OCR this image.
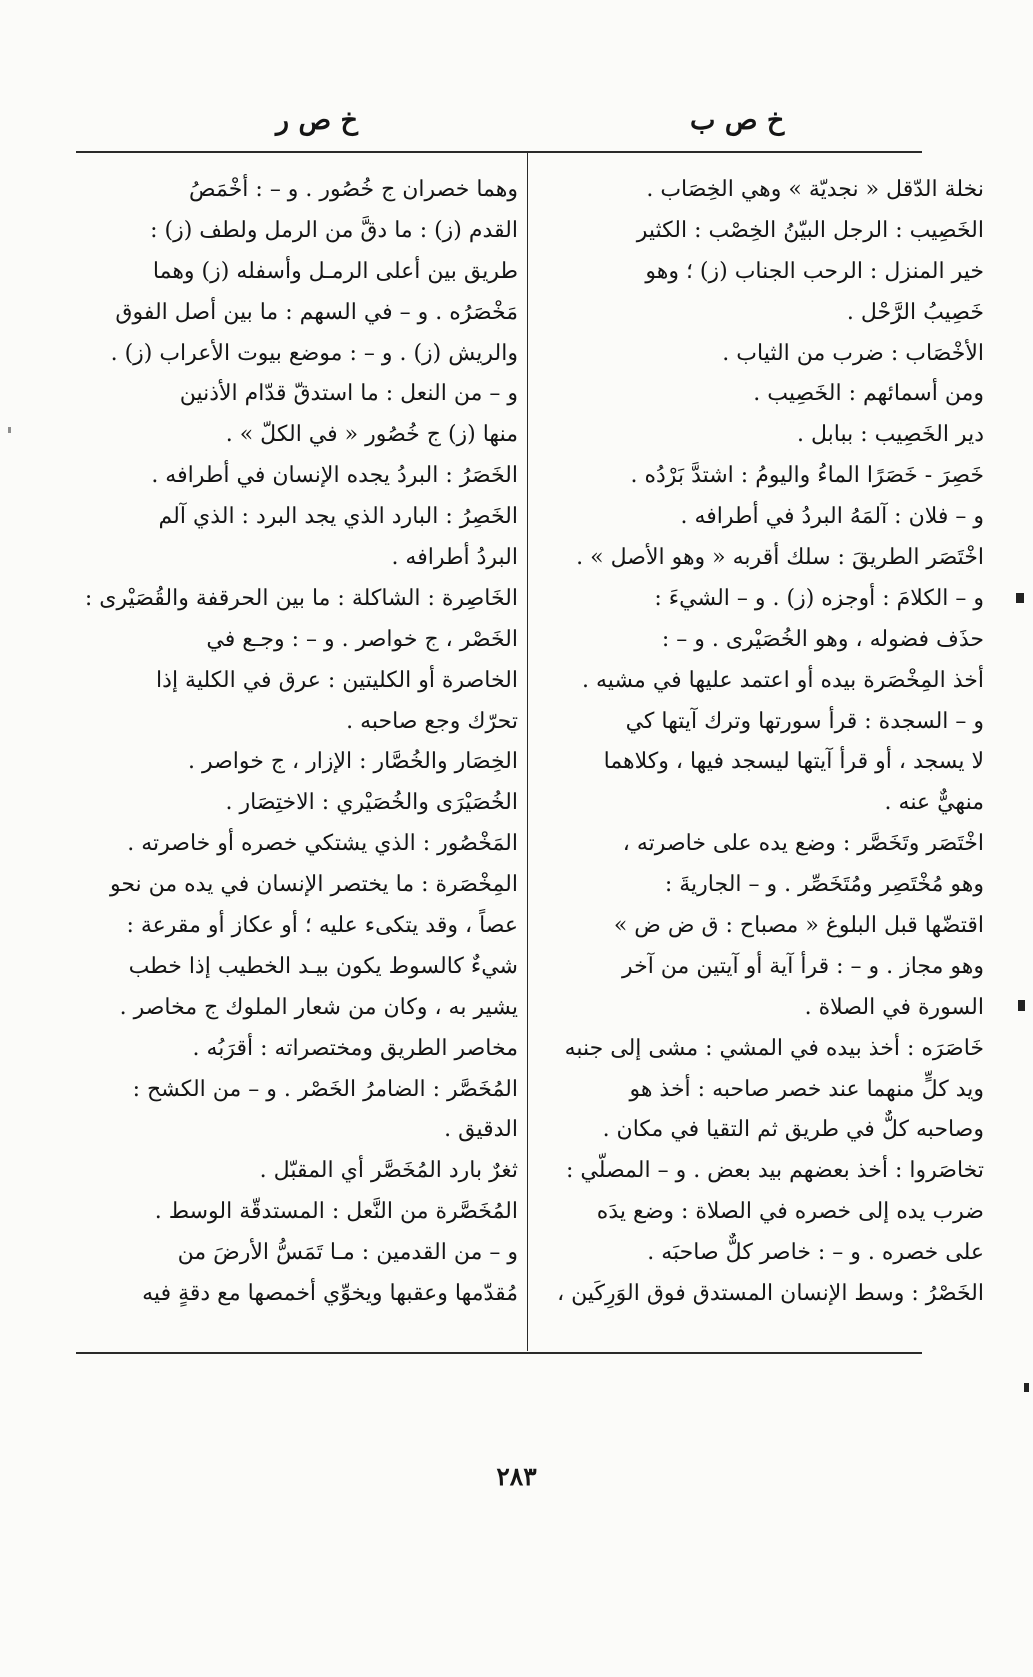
خ ص ب
خ ص ر
نخلة الدّقل « نجديّة » وهي الخِصَاب .
الخَصِيب : الرجل البيّنُ الخِصْب : الكثير
خير المنزل : الرحب الجناب (ز) ؛ وهو
خَصِيبُ الرَّحْل .
الأخْصَاب : ضرب من الثياب .
ومن أسمائهم : الخَصِيب .
دير الخَصِيب : ببابل .
خَصِرَ - خَصَرًا الماءُ واليومُ : اشتدَّ بَرْدُه .
و – فلان : آلمَهُ البردُ في أطرافه .
اخْتَصَر الطريقَ : سلك أقربه « وهو الأصل » .
و – الكلامَ : أوجزه (ز) . و – الشيءَ :
حذَف فضوله ، وهو الخُصَيْرى . و – :
أخذ المِخْصَرة بيده أو اعتمد عليها في مشيه .
و – السجدة : قرأ سورتها وترك آيتها كي
لا يسجد ، أو قرأ آيتها ليسجد فيها ، وكلاهما
منهيٌّ عنه .
اخْتَصَر وتَخَصَّر : وضع يده على خاصرته ،
وهو مُخْتَصِر ومُتَخَصِّر . و – الجاريةَ :
اقتضّها قبل البلوغ « مصباح : ق ض ض »
وهو مجاز . و – : قرأ آية أو آيتين من آخر
السورة في الصلاة .
خَاصَرَه : أخذ بيده في المشي : مشى إلى جنبه
ويد كلٍّ منهما عند خصر صاحبه : أخذ هو
وصاحبه كلٌّ في طريق ثم التقيا في مكان .
تخاصَروا : أخذ بعضهم بيد بعض . و – المصلّي :
ضرب يده إلى خصره في الصلاة : وضع يدَه
على خصره . و – : خاصر كلٌّ صاحبَه .
الخَصْرُ : وسط الإنسان المستدق فوق الوَرِكَين ،
وهما خصران ج خُصُور . و – : أخْمَصُ
القدم (ز) : ما دقَّ من الرمل ولطف (ز) :
طريق بين أعلى الرمـل وأسفله (ز) وهما
مَخْصَرُه . و – في السهم : ما بين أصل الفوق
والريش (ز) . و – : موضع بيوت الأعراب (ز) .
و – من النعل : ما استدقّ قدّام الأذنين
منها (ز) ج خُصُور « في الكلّ » .
الخَصَرُ : البردُ يجده الإنسان في أطرافه .
الخَصِرُ : البارد الذي يجد البرد : الذي آلم
البردُ أطرافه .
الخَاصِرة : الشاكلة : ما بين الحرقفة والقُصَيْرى :
الخَصْر ، ج خواصر . و – : وجـع في
الخاصرة أو الكليتين : عرق في الكلية إذا
تحرّك وجع صاحبه .
الخِصَار والخُصَّار : الإزار ، ج خواصر .
الخُصَيْرَى والخُصَيْري : الاختِصَار .
المَخْصُور : الذي يشتكي خصره أو خاصرته .
المِخْصَرة : ما يختصر الإنسان في يده من نحو
عصاً ، وقد يتكىء عليه ؛ أو عكاز أو مقرعة :
شيءٌ كالسوط يكون بيـد الخطيب إذا خطب
يشير به ، وكان من شعار الملوك ج مخاصر .
مخاصر الطريق ومختصراته : أقرَبُه .
المُخَصَّر : الضامرُ الخَصْر . و – من الكشح :
الدقيق .
ثغرٌ بارد المُخَصَّر أي المقبّل .
المُخَصَّرة من النَّعل : المستدقّة الوسط .
و – من القدمين : مـا تَمَسُّ الأرضَ من
مُقدّمها وعقبها ويخوِّي أخمصها مع دقةٍ فيه
٢٨٣
